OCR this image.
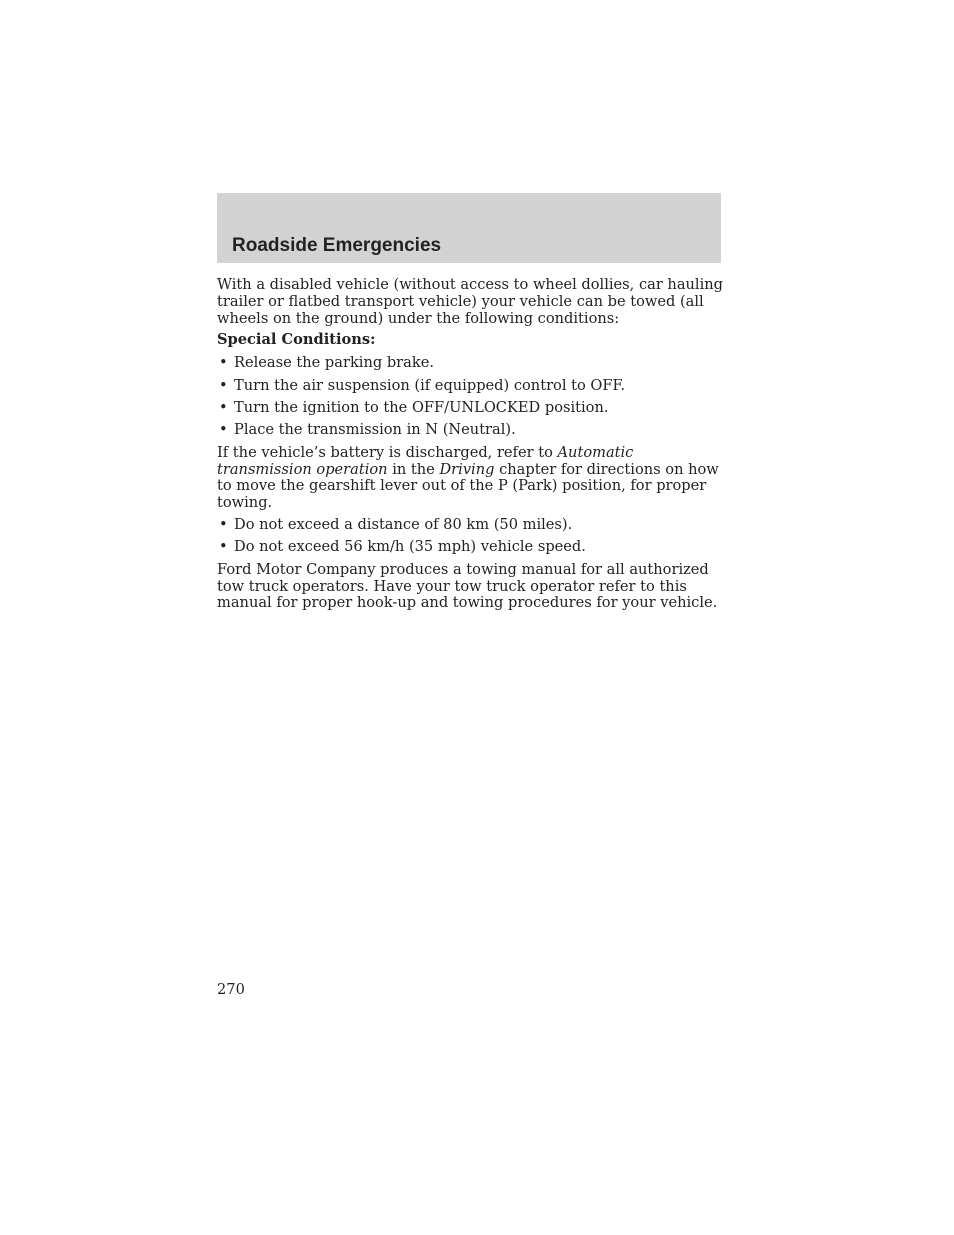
Roadside Emergencies

With a disabled vehicle (without access to wheel dollies, car hauling trailer or flatbed transport vehicle) your vehicle can be towed (all wheels on the ground) under the following conditions:

Special Conditions:

• Release the parking brake.
• Turn the air suspension (if equipped) control to OFF.
• Turn the ignition to the OFF/UNLOCKED position.
• Place the transmission in N (Neutral).

If the vehicle’s battery is discharged, refer to Automatic transmission operation in the Driving chapter for directions on how to move the gearshift lever out of the P (Park) position, for proper towing.

• Do not exceed a distance of 80 km (50 miles).
• Do not exceed 56 km/h (35 mph) vehicle speed.

Ford Motor Company produces a towing manual for all authorized tow truck operators. Have your tow truck operator refer to this manual for proper hook-up and towing procedures for your vehicle.

270
